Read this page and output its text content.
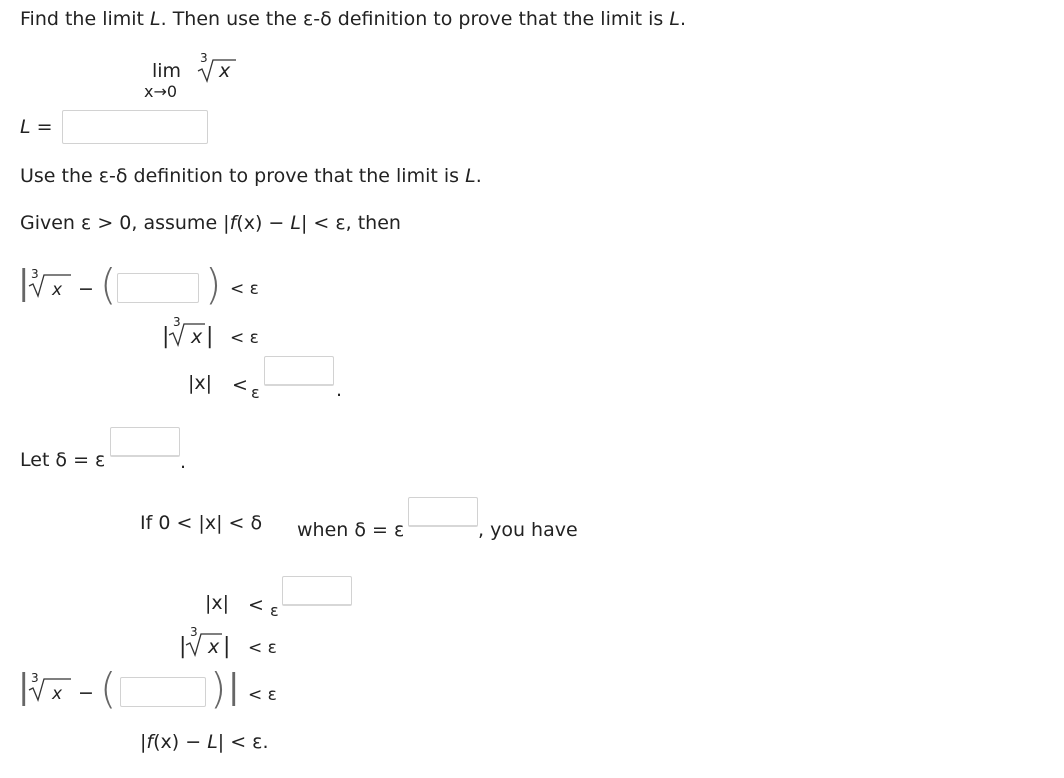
Find the limit L. Then use the ε-δ definition to prove that the limit is L.
lim
x→0
3
x
L =
Use the ε-δ definition to prove that the limit is L.
Given ε > 0, assume |f(x) − L| < ε, then
| 3
x − ( ) < ε
|
3
x | < ε
|x| < ε	.
Let δ = ε	.
If 0 < |x| < δ when δ = ε	, you have
|x| < ε
|
3
x | < ε
| 3
x − ( ) | < ε
|f(x) − L| < ε.
